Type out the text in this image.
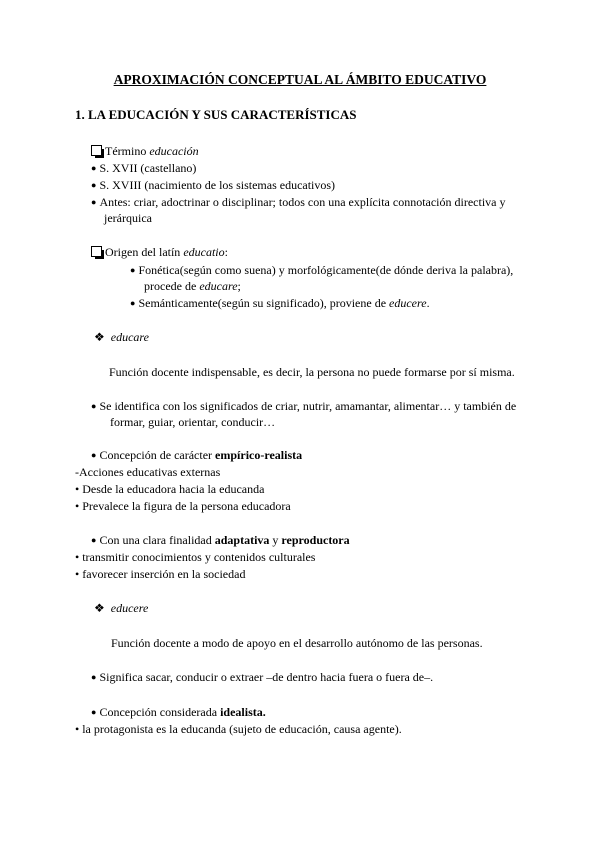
APROXIMACIÓN CONCEPTUAL AL ÁMBITO EDUCATIVO
1. LA EDUCACIÓN Y SUS CARACTERÍSTICAS
Término educación
● S. XVII (castellano)
● S. XVIII (nacimiento de los sistemas educativos)
● Antes: criar, adoctrinar o disciplinar; todos con una explícita connotación directiva y
jerárquica
Origen del latín educatio:
● Fonética(según como suena) y morfológicamente(de dónde deriva la palabra),
procede de educare;
● Semánticamente(según su significado), proviene de educere.
❖ educare
Función docente indispensable, es decir, la persona no puede formarse por sí misma.
● Se identifica con los significados de criar, nutrir, amamantar, alimentar… y también de
formar, guiar, orientar, conducir…
● Concepción de carácter empírico-realista
-Acciones educativas externas
• Desde la educadora hacia la educanda
• Prevalece la figura de la persona educadora
● Con una clara finalidad adaptativa y reproductora
• transmitir conocimientos y contenidos culturales
• favorecer inserción en la sociedad
❖ educere
Función docente a modo de apoyo en el desarrollo autónomo de las personas.
● Significa sacar, conducir o extraer –de dentro hacia fuera o fuera de–.
● Concepción considerada idealista.
• la protagonista es la educanda (sujeto de educación, causa agente).
